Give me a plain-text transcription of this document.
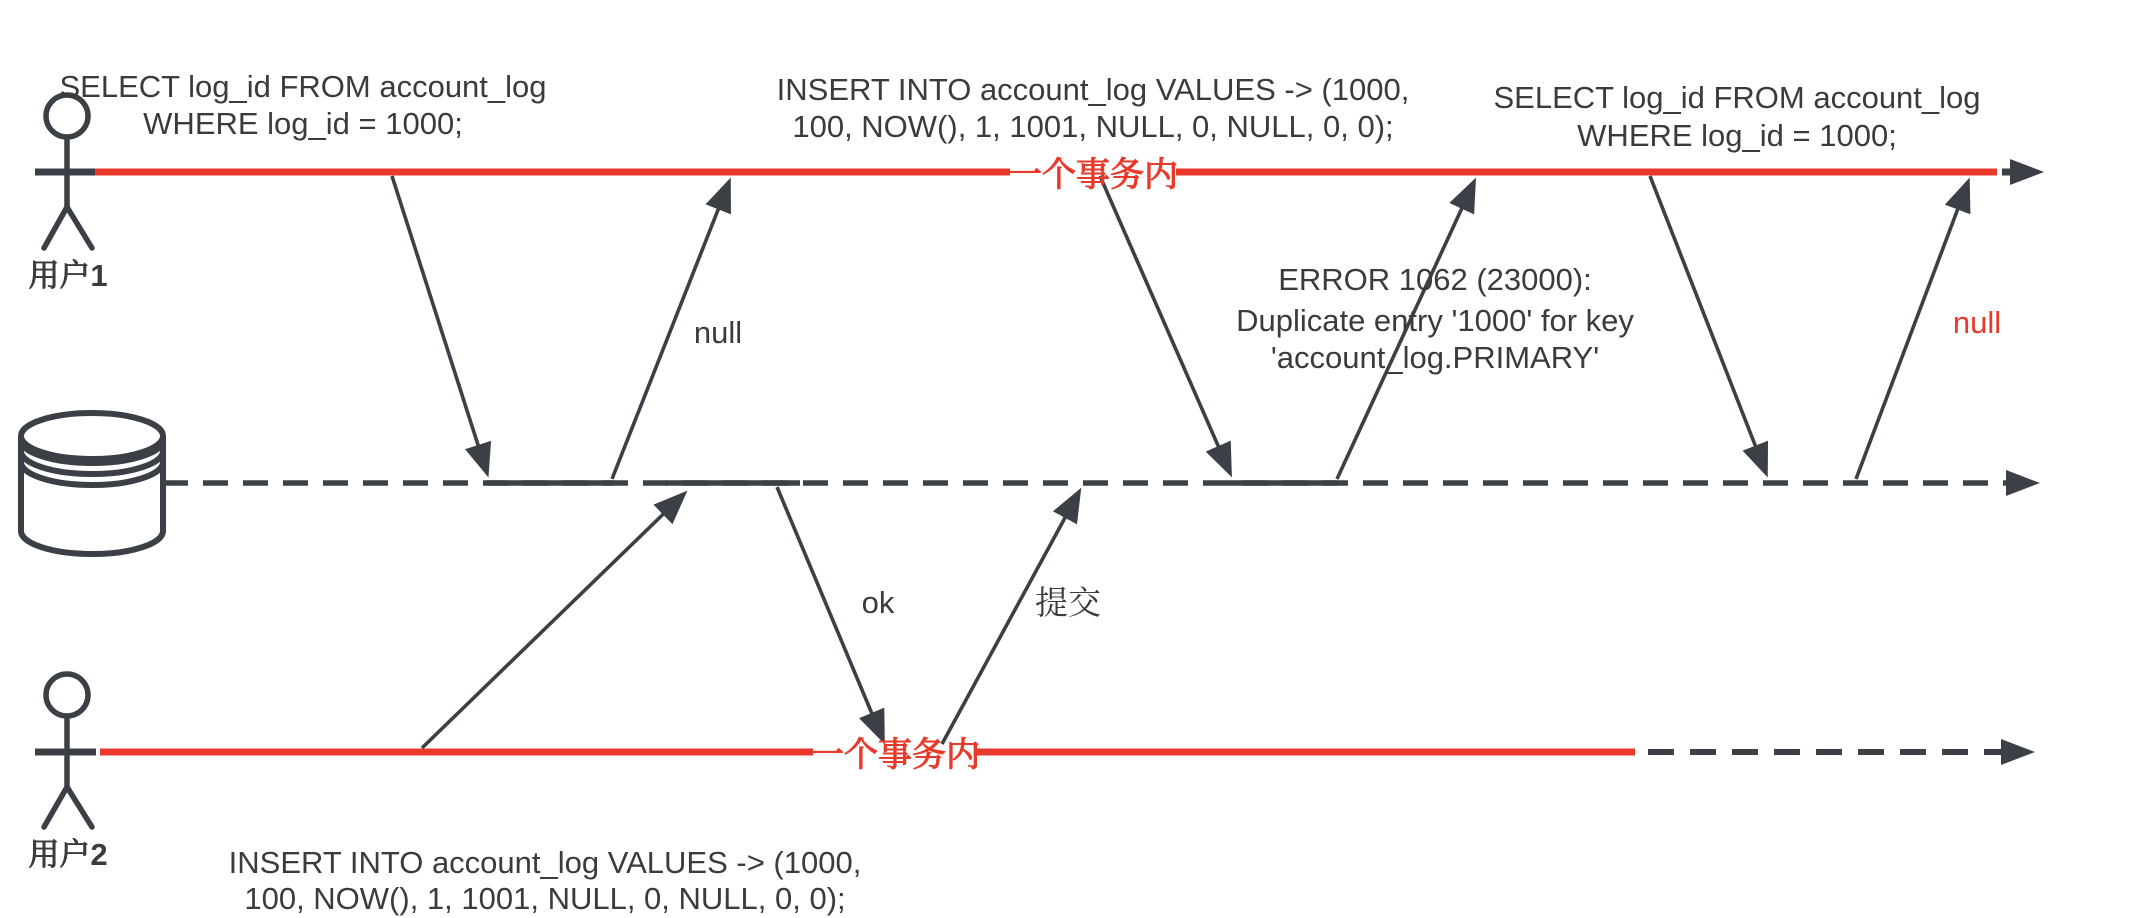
SELECT log_id FROM account_log
WHERE log_id = 1000;
INSERT INTO account_log VALUES -> (1000,
100, NOW(), 1, 1001, NULL, 0, NULL, 0, 0);
SELECT log_id FROM account_log
WHERE log_id = 1000;
ERROR 1062 (23000):
Duplicate entry '1000' for key
'account_log.PRIMARY'
null	null
ok	提交
一个事务内
一个事务内
INSERT INTO account_log VALUES -> (1000,
100, NOW(), 1, 1001, NULL, 0, NULL, 0, 0);
用户1
用户2
